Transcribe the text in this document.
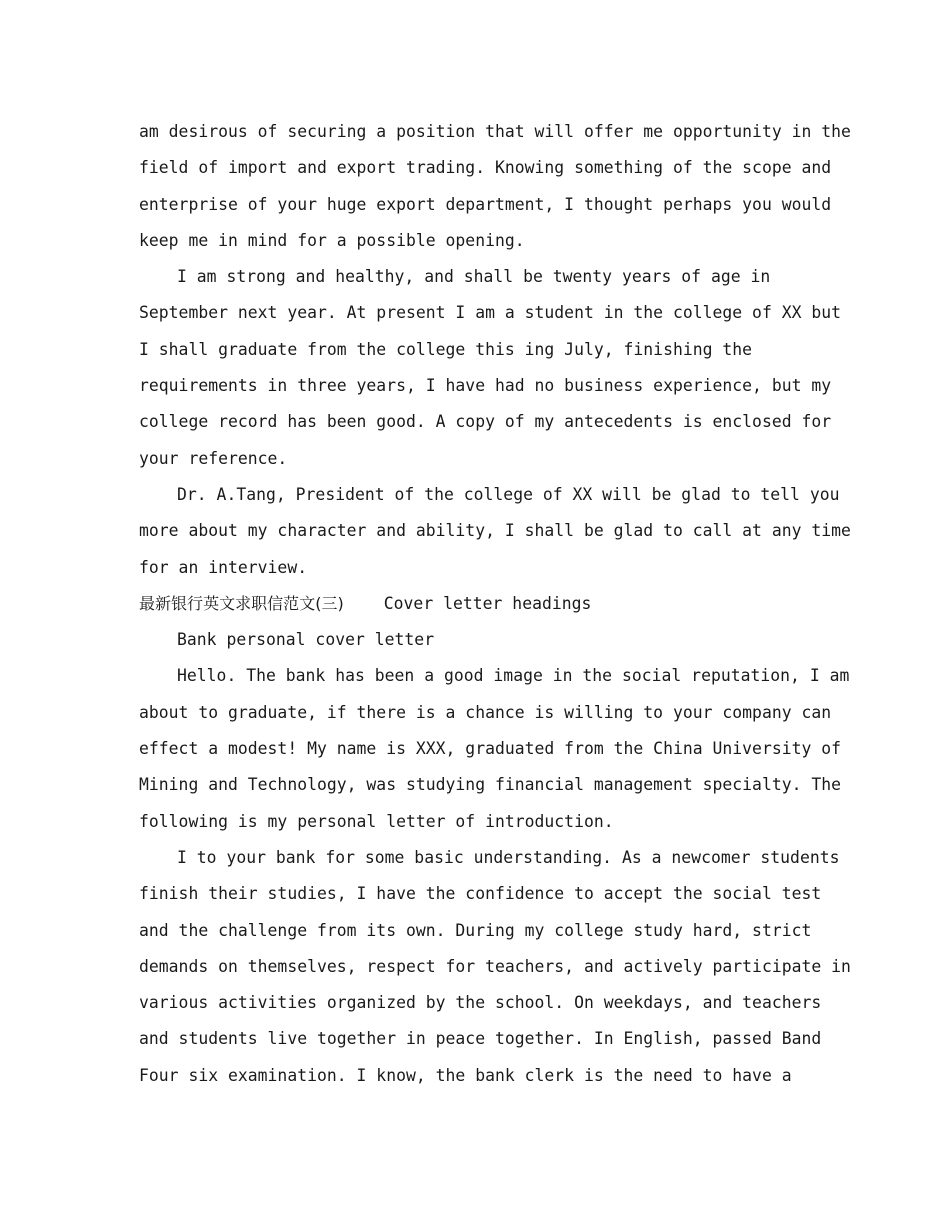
am desirous of securing a position that will offer me opportunity in the
field of import and export trading. Knowing something of the scope and
enterprise of your huge export department, I thought perhaps you would
keep me in mind for a possible opening.
I am strong and healthy, and shall be twenty years of age in
September next year. At present I am a student in the college of XX but
I shall graduate from the college this ing July, finishing the
requirements in three years, I have had no business experience, but my
college record has been good. A copy of my antecedents is enclosed for
your reference.
Dr. A.Tang, President of the college of XX will be glad to tell you
more about my character and ability, I shall be glad to call at any time
for an interview.
最新银行英文求职信范文(三) Cover letter headings
Bank personal cover letter
Hello. The bank has been a good image in the social reputation, I am
about to graduate, if there is a chance is willing to your company can
effect a modest! My name is XXX, graduated from the China University of
Mining and Technology, was studying financial management specialty. The
following is my personal letter of introduction.
I to your bank for some basic understanding. As a newcomer students
finish their studies, I have the confidence to accept the social test
and the challenge from its own. During my college study hard, strict
demands on themselves, respect for teachers, and actively participate in
various activities organized by the school. On weekdays, and teachers
and students live together in peace together. In English, passed Band
Four six examination. I know, the bank clerk is the need to have a
